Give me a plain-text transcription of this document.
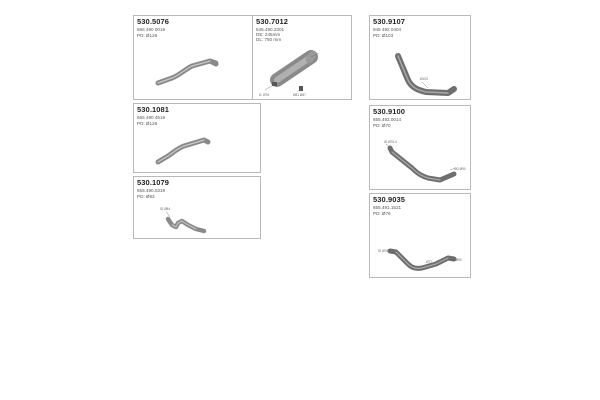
530.5076
656 490 0019
PD: Ø126
530.7012
545.490.2301
DE: 245mm
DL: 750 mm
D: Ø76	Ø81 Ø87
530.9107
945 492 0404
PD: Ø103
Ø103
530.1081
655 490 4519
PD: Ø126
530.9100
655.492.0014
PD: Ø70
ID Ø76.4
OD Ø90
530.1079
656.490.0319
PD: Ø83
ID Ø84
530.9035
655.491.1521
PD: Ø76
ID Ø76.4
Ø77	OD Ø90
